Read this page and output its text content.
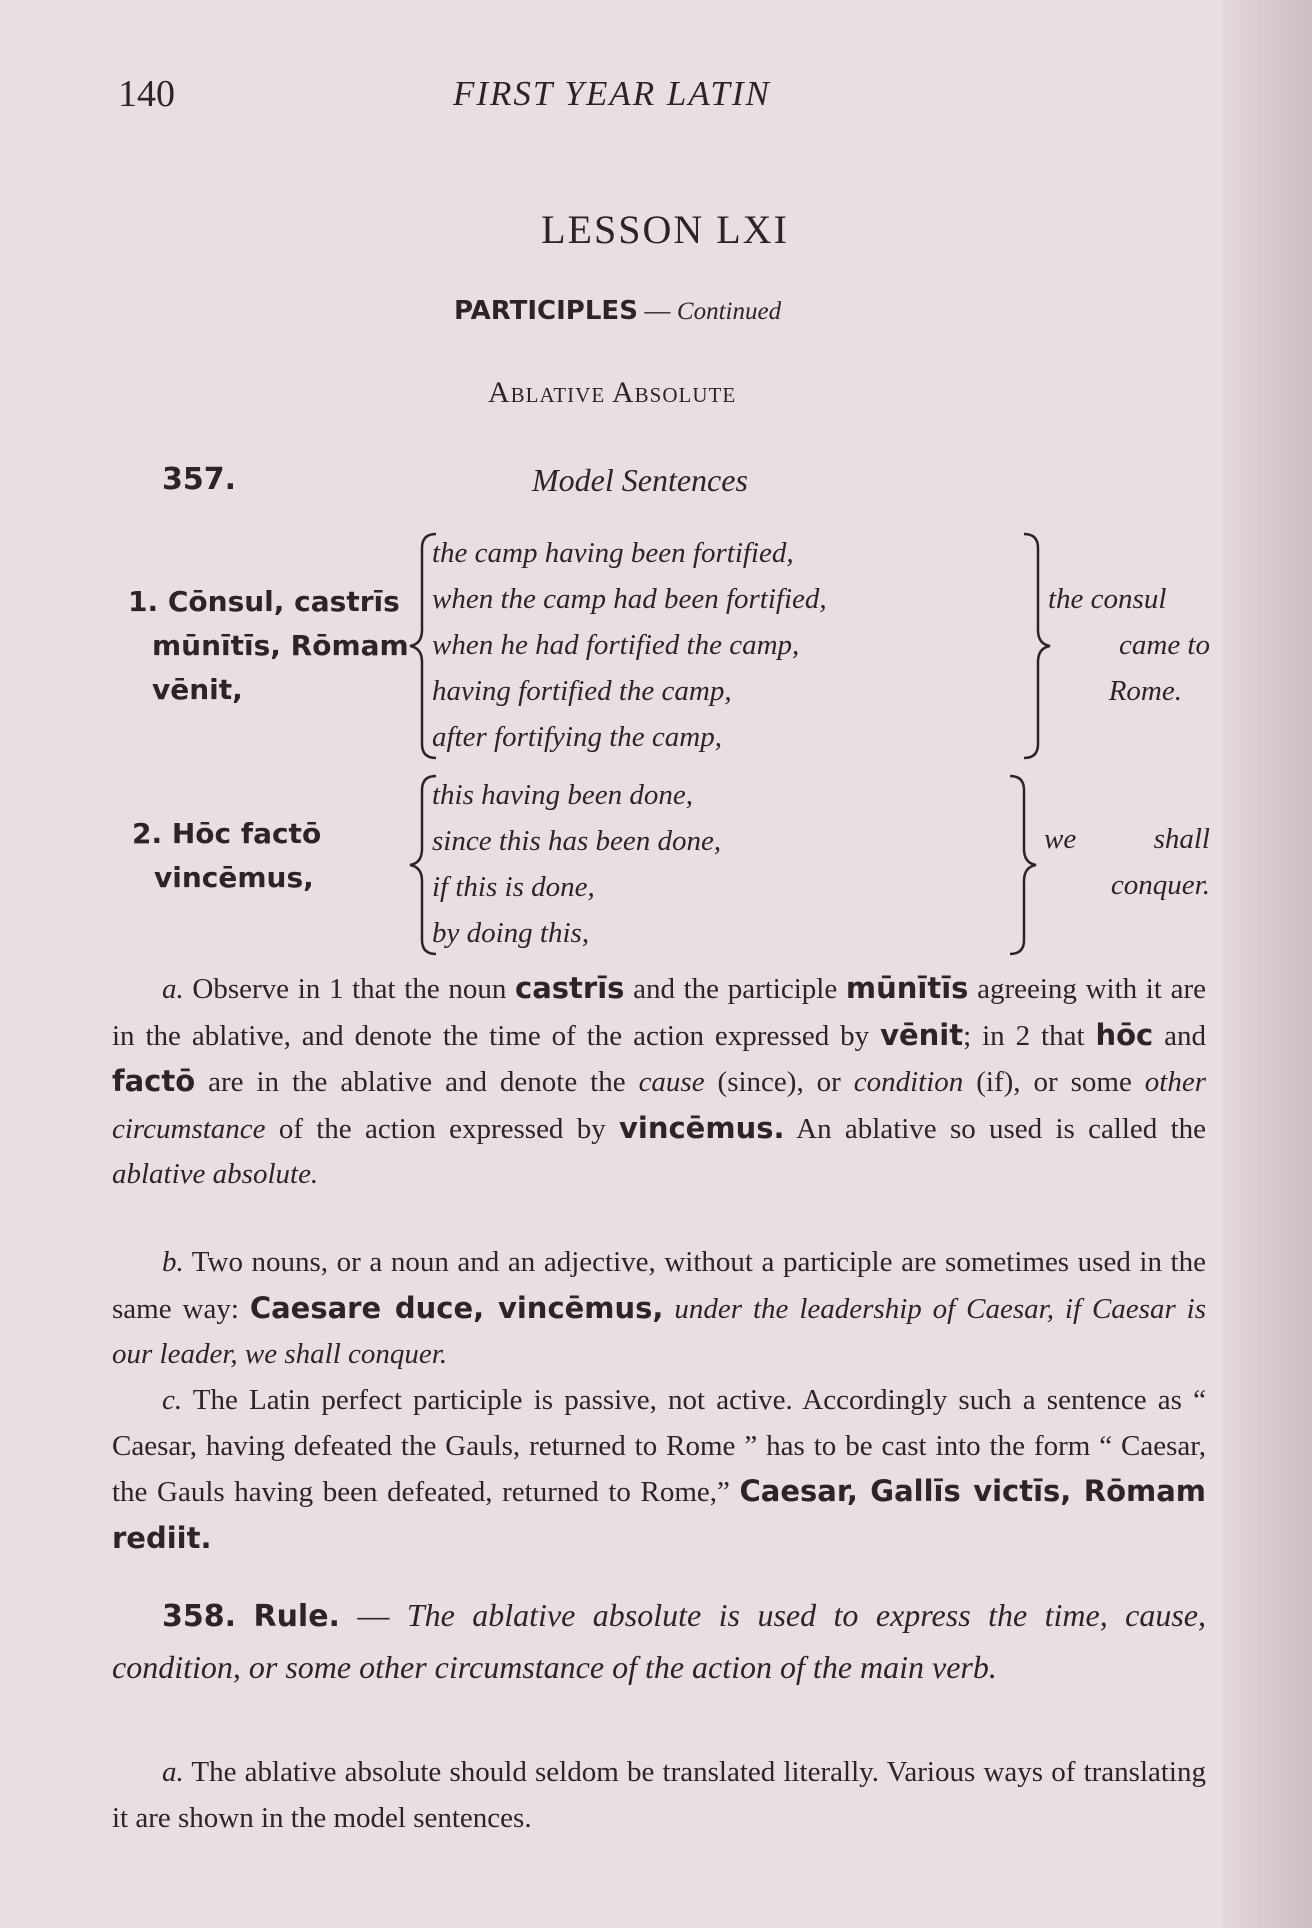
140	FIRST YEAR LATIN
LESSON LXI
PARTICIPLES — Continued
Ablative Absolute
357.	Model Sentences
1. Cōnsul, castrīs
mūnītīs, Rōmam
vēnit,
the camp having been fortified,
when the camp had been fortified,
when he had fortified the camp,
having fortified the camp,
after fortifying the camp,
the consul
came to
Rome.
2. Hōc factō
vincēmus,
this having been done,
since this has been done,
if this is done,
by doing this,
we shall
conquer.
a. Observe in 1 that the noun castrīs and the participle mūnītīs agreeing with it are in the ablative, and denote the time of the action expressed by vēnit; in 2 that hōc and factō are in the ablative and denote the cause (since), or condition (if), or some other circumstance of the action expressed by vincēmus. An ablative so used is called the ablative absolute.
b. Two nouns, or a noun and an adjective, without a participle are sometimes used in the same way: Caesare duce, vincēmus, under the leadership of Caesar, if Caesar is our leader, we shall conquer.
c. The Latin perfect participle is passive, not active. Accordingly such a sentence as “ Caesar, having defeated the Gauls, returned to Rome ” has to be cast into the form “ Caesar, the Gauls having been defeated, returned to Rome,” Caesar, Gallīs victīs, Rōmam rediit.
358. Rule. — The ablative absolute is used to express the time, cause, condition, or some other circumstance of the action of the main verb.
a. The ablative absolute should seldom be translated literally. Various ways of translating it are shown in the model sentences.
